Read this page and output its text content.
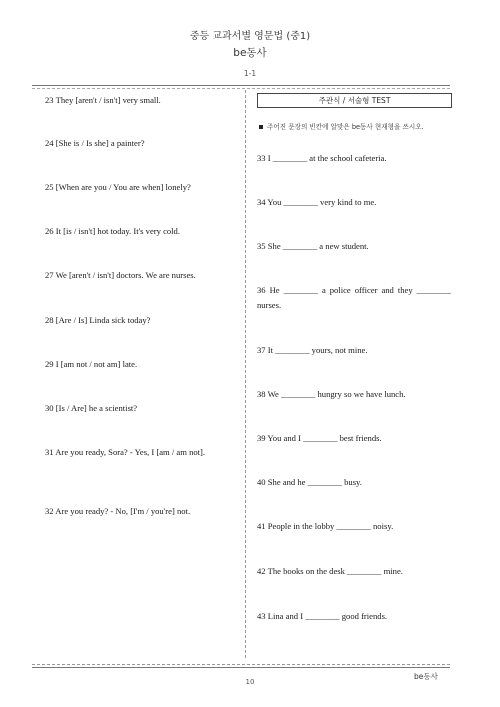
중등 교과서별 영문법 (중1)
be동사
1-1
23 They [aren't / isn't] very small.
24 [She is / Is she] a painter?
25 [When are you / You are when] lonely?
26 It [is / isn't] hot today. It's very cold.
27 We [aren't / isn't] doctors. We are nurses.
28 [Are / Is] Linda sick today?
29 I [am not / not am] late.
30 [Is / Are] he a scientist?
31 Are you ready, Sora? - Yes, I [am / am not].
32 Are you ready? - No, [I'm / you're] not.
주관식 / 서술형 TEST
주어진 문장의 빈칸에 알맞은 be동사 현재형을 쓰시오.
33 I ________ at the school cafeteria.
34 You ________ very kind to me.
35 She ________ a new student.
36 He ________ a police officer and they ________ nurses.
37 It ________ yours, not mine.
38 We ________ hungry so we have lunch.
39 You and I ________ best friends.
40 She and he ________ busy.
41 People in the lobby ________ noisy.
42 The books on the desk ________ mine.
43 Lina and I ________ good friends.
be동사
10
